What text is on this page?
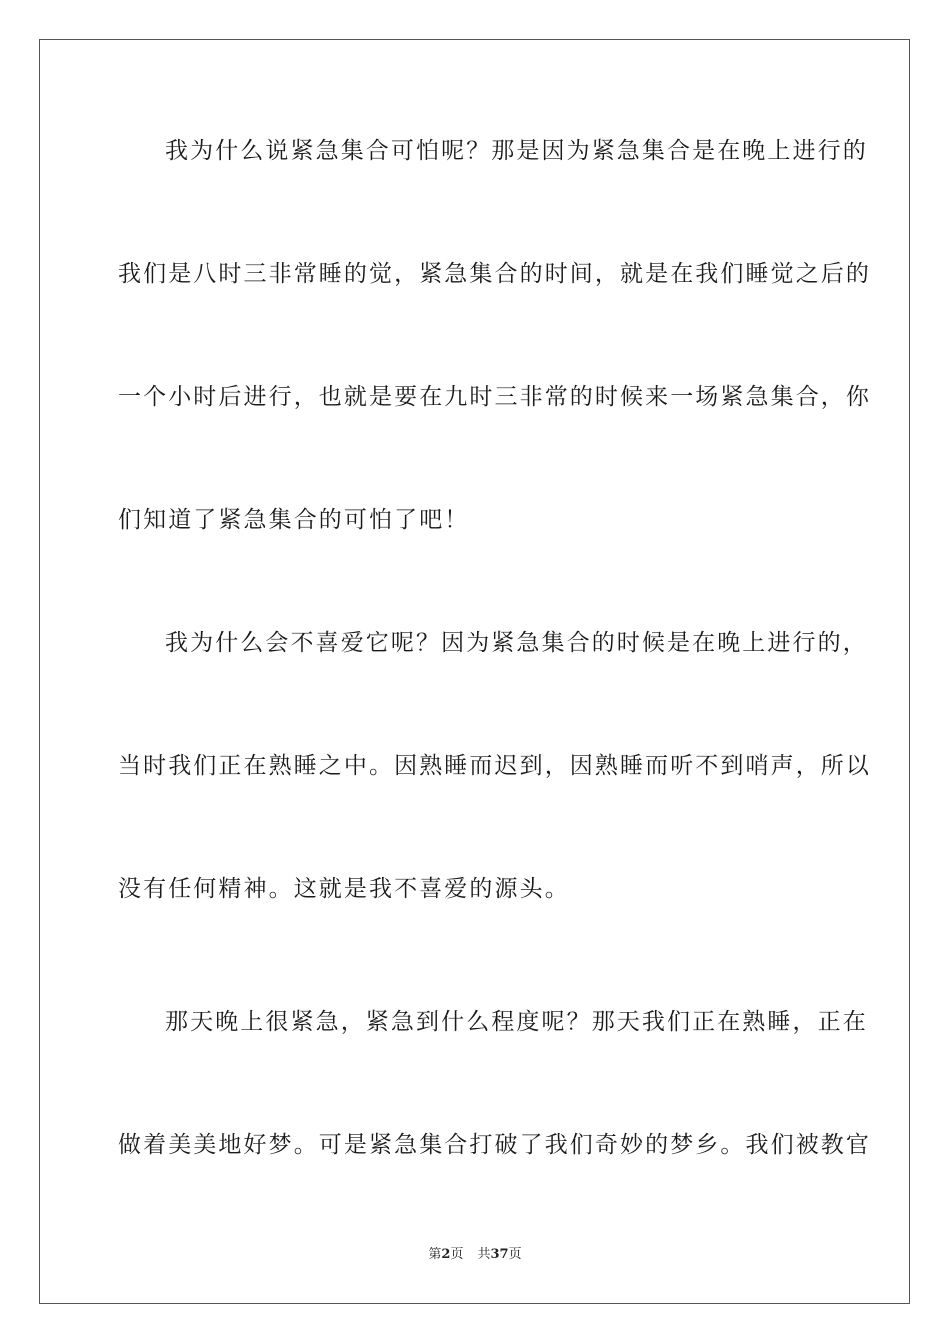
我为什么说紧急集合可怕呢？那是因为紧急集合是在晚上进行的
我们是八时三非常睡的觉，紧急集合的时间，就是在我们睡觉之后的
一个小时后进行，也就是要在九时三非常的时候来一场紧急集合，你
们知道了紧急集合的可怕了吧！
我为什么会不喜爱它呢？因为紧急集合的时候是在晚上进行的，
当时我们正在熟睡之中。因熟睡而迟到，因熟睡而听不到哨声，所以
没有任何精神。这就是我不喜爱的源头。
那天晚上很紧急，紧急到什么程度呢？那天我们正在熟睡，正在
做着美美地好梦。可是紧急集合打破了我们奇妙的梦乡。我们被教官
第2页 共37页
